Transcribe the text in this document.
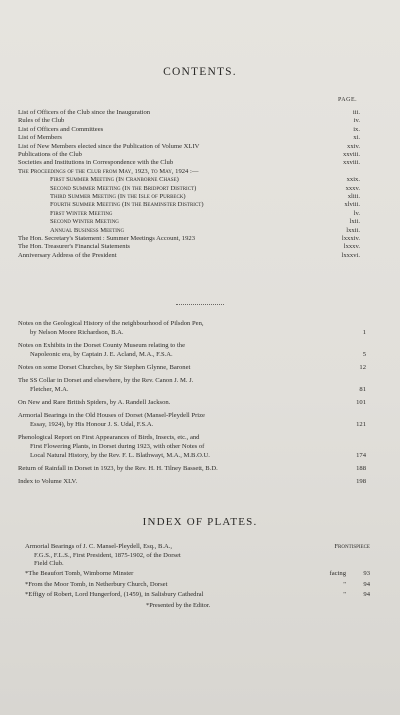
CONTENTS.
PAGE.
List of Officers of the Club since the Inauguration	iii.
Rules of the Club	iv.
List of Officers and Committees	ix.
List of Members	xi.
List of New Members elected since the Publication of Volume XLIV	xxiv.
Publications of the Club	xxviii.
Societies and Institutions in Correspondence with the Club	xxviii.
The Proceedings of the Club from May, 1923, to May, 1924 :—
First Summer Meeting (In Cranborne Chase)	xxix.
Second Summer Meeting (In the Bridport District)	xxxv.
Third Summer Meeting (In the Isle of Purbeck)	xliii.
Fourth Summer Meeting (In the Beaminster District)	xlviii.
First Winter Meeting	lv.
Second Winter Meeting	lxii.
Annual Business Meeting	lxxii.
The Hon. Secretary's Statement : Summer Meetings Account, 1923	lxxxiv.
The Hon. Treasurer's Financial Statements	lxxxv.
Anniversary Address of the President	lxxxvi.
Notes on the Geological History of the neighbourhood of Pilsdon Pen,
by Nelson Moore Richardson, B.A.	1
Notes on Exhibits in the Dorset County Museum relating to the
Napoleonic era, by Captain J. E. Acland, M.A., F.S.A.	5
Notes on some Dorset Churches, by Sir Stephen Glynne, Baronet	12
The SS Collar in Dorset and elsewhere, by the Rev. Canon J. M. J.
Fletcher, M.A.	81
On New and Rare British Spiders, by A. Randell Jackson.	101
Armorial Bearings in the Old Houses of Dorset (Mansel-Pleydell Prize
Essay, 1924), by His Honour J. S. Udal, F.S.A.	121
Phenological Report on First Appearances of Birds, Insects, etc., and
First Flowering Plants, in Dorset during 1923, with other Notes of
Local Natural History, by the Rev. F. L. Blathwayt, M.A., M.B.O.U.	174
Return of Rainfall in Dorset in 1923, by the Rev. H. H. Tilney Bassett, B.D.	188
Index to Volume XLV.	198
INDEX OF PLATES.
Armorial Bearings of J. C. Mansel-Pleydell, Esq., B.A.,	Frontispiece
F.G.S., F.L.S., First President, 1875-1902, of the Dorset
Field Club.
*The Beaufort Tomb, Wimborne Minster	facing	93
*From the Moor Tomb, in Netherbury Church, Dorset	"	94
*Effigy of Robert, Lord Hungerford, (1459), in Salisbury Cathedral	"	94
*Presented by the Editor.
